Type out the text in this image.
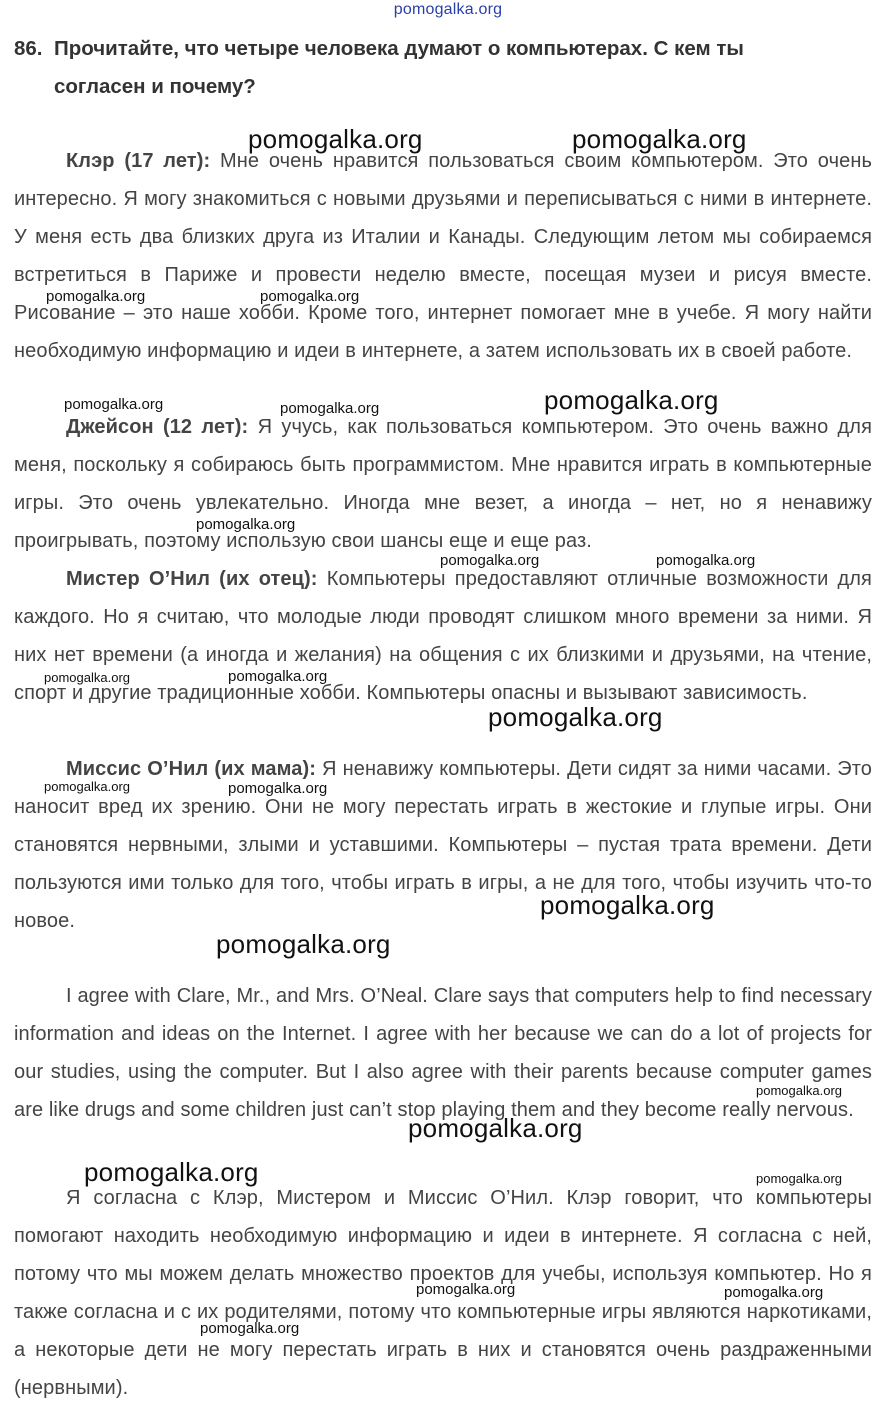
pomogalka.org
86. Прочитайте, что четыре человека думают о компьютерах. С кем ты
согласен и почему?
Клэр (17 лет): Мне очень нравится пользоваться своим компьютером. Это очень интересно. Я могу знакомиться с новыми друзьями и переписываться с ними в интернете. У меня есть два близких друга из Италии и Канады. Следующим летом мы собираемся встретиться в Париже и провести неделю вместе, посещая музеи и рисуя вместе. Рисование – это наше хобби. Кроме того, интернет помогает мне в учебе. Я могу найти необходимую информацию и идеи в интернете, а затем использовать их в своей работе.
Джейсон (12 лет): Я учусь, как пользоваться компьютером. Это очень важно для меня, поскольку я собираюсь быть программистом. Мне нравится играть в компьютерные игры. Это очень увлекательно. Иногда мне везет, а иногда – нет, но я ненавижу проигрывать, поэтому использую свои шансы еще и еще раз.
Мистер О’Нил (их отец): Компьютеры предоставляют отличные возможности для каждого. Но я считаю, что молодые люди проводят слишком много времени за ними. Я них нет времени (а иногда и желания) на общения с их близкими и друзьями, на чтение, спорт и другие традиционные хобби. Компьютеры опасны и вызывают зависимость.
Миссис О’Нил (их мама): Я ненавижу компьютеры. Дети сидят за ними часами. Это наносит вред их зрению. Они не могу перестать играть в жестокие и глупые игры. Они становятся нервными, злыми и уставшими. Компьютеры – пустая трата времени. Дети пользуются ими только для того, чтобы играть в игры, а не для того, чтобы изучить что-то новое.
I agree with Clare, Mr., and Mrs. O’Neal. Clare says that computers help to find necessary information and ideas on the Internet. I agree with her because we can do a lot of projects for our studies, using the computer. But I also agree with their parents because computer games are like drugs and some children just can’t stop playing them and they become really nervous.
Я согласна с Клэр, Мистером и Миссис О’Нил. Клэр говорит, что компьютеры помогают находить необходимую информацию и идеи в интернете. Я согласна с ней, потому что мы можем делать множество проектов для учебы, используя компьютер. Но я также согласна и с их родителями, потому что компьютерные игры являются наркотиками, а некоторые дети не могу перестать играть в них и становятся очень раздраженными (нервными).
pomogalka.org	pomogalka.org
pomogalka.org	pomogalka.org
pomogalka.org	pomogalka.org	pomogalka.org
pomogalka.org
pomogalka.org	pomogalka.org
pomogalka.org	pomogalka.org
pomogalka.org
pomogalka.org	pomogalka.org
pomogalka.org
pomogalka.org
pomogalka.org
pomogalka.org
pomogalka.org	pomogalka.org
pomogalka.org	pomogalka.org
pomogalka.org
